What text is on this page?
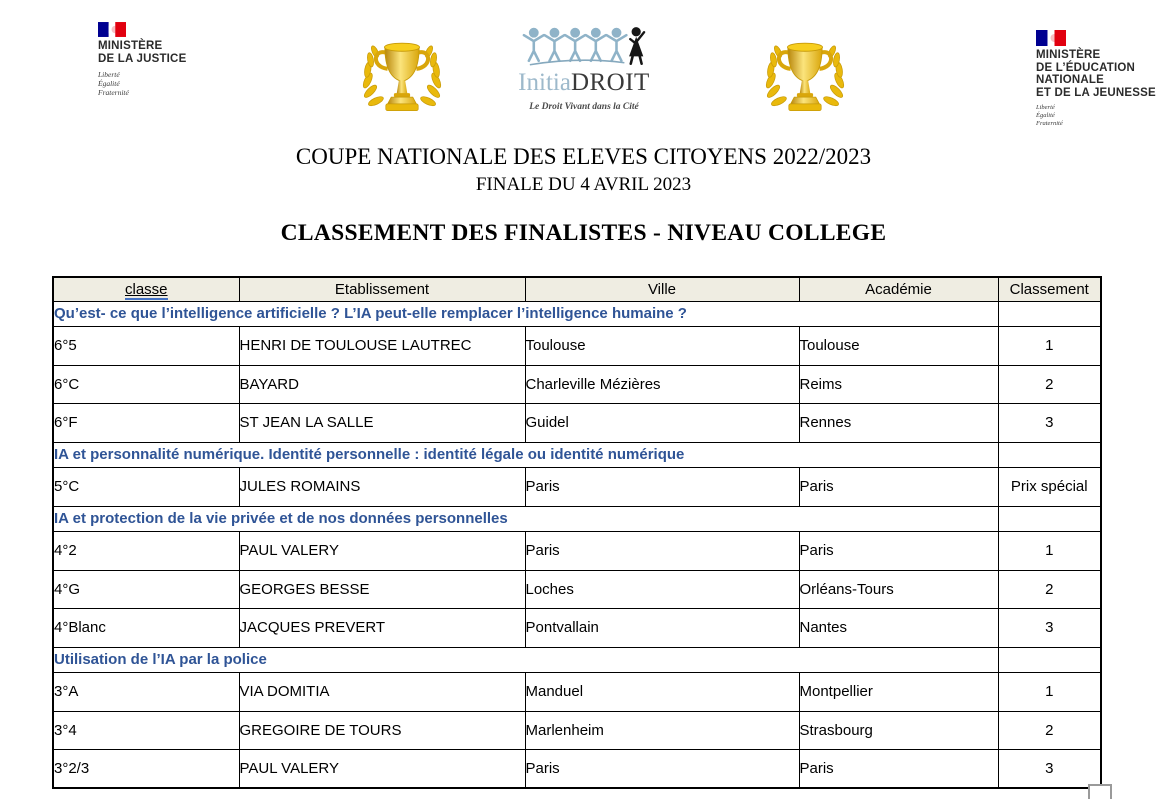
MINISTÈRE
DE LA JUSTICE
Liberté
Égalité
Fraternité	InitiaDROIT
Le Droit Vivant dans la Cité
MINISTÈRE
DE L’ÉDUCATION
NATIONALE
ET DE LA JEUNESSE
Liberté
Égalité
Fraternité
COUPE NATIONALE DES ELEVES CITOYENS 2022/2023
FINALE DU 4 AVRIL 2023
CLASSEMENT DES FINALISTES - NIVEAU COLLEGE
classe	Etablissement	Ville	Académie	Classement
Qu’est- ce que l’intelligence artificielle ? L’IA peut-elle remplacer l’intelligence humaine ?				
6°5	HENRI DE TOULOUSE LAUTREC	Toulouse	Toulouse	1
6°C	BAYARD	Charleville Mézières	Reims	2
6°F	ST JEAN LA SALLE	Guidel	Rennes	3
IA et personnalité numérique. Identité personnelle : identité légale ou identité numérique				
5°C	JULES ROMAINS	Paris	Paris	Prix spécial
IA et protection de la vie privée et de nos données personnelles				
4°2	PAUL VALERY	Paris	Paris	1
4°G	GEORGES BESSE	Loches	Orléans-Tours	2
4°Blanc	JACQUES PREVERT	Pontvallain	Nantes	3
Utilisation de l’IA par la police				
3°A	VIA DOMITIA	Manduel	Montpellier	1
3°4	GREGOIRE DE TOURS	Marlenheim	Strasbourg	2
3°2/3	PAUL VALERY	Paris	Paris	3
